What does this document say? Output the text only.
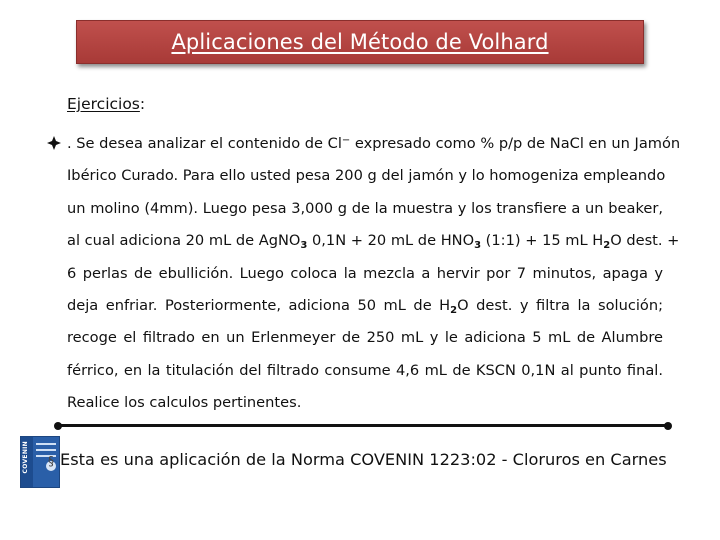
Aplicaciones del Método de Volhard
Ejercicios:
. Se desea analizar el contenido de Cl− expresado como % p/p de NaCl en un Jamón
Ibérico Curado. Para ello usted pesa 200 g del jamón y lo homogeniza empleando
un molino (4mm). Luego pesa 3,000 g de la muestra y los transfiere a un beaker,
al cual adiciona 20 mL de AgNO$_3$ 0,1N + 20 mL de $HNO_3$ (1:1) + 15 mL $H_2O$ dest. +
6 perlas de ebullición. Luego coloca la mezcla a hervir por 7 minutos, apaga y
deja enfriar. Posteriormente, adiciona 50 mL de $H_2O$ dest. y filtra la solución;
recoge el filtrado en un Erlenmeyer de 250 mL y le adiciona 5 mL de Alumbre
férrico, en la titulación del filtrado consume 4,6 mL de KSCN 0,1N al punto final.
Realice los calculos pertinentes.
COVENIN § Esta es una aplicación de la Norma COVENIN 1223:02 - Cloruros en Carnes
